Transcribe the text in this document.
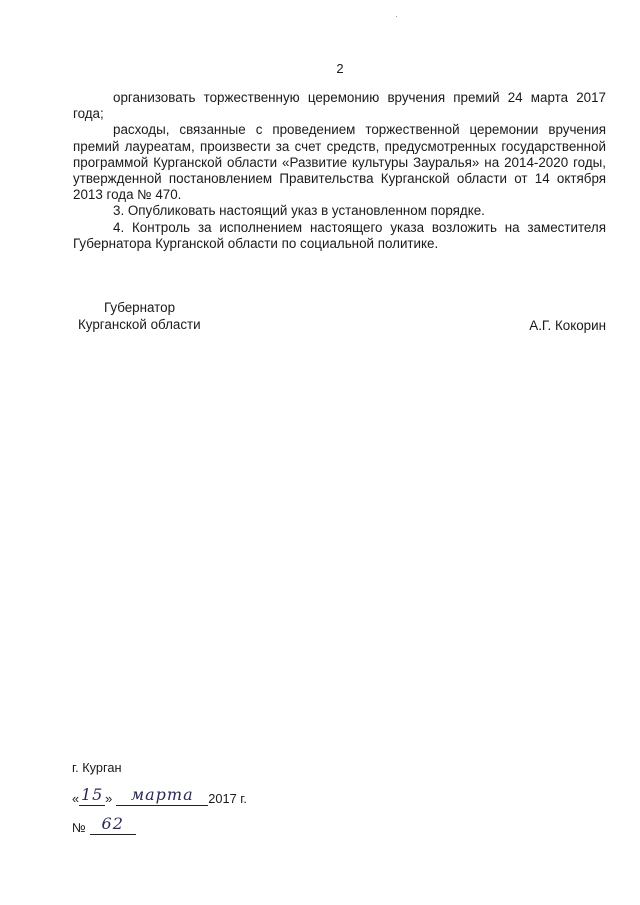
2

организовать торжественную церемонию вручения премий 24 марта 2017 года;

расходы, связанные с проведением торжественной церемонии вручения премий лауреатам, произвести за счет средств, предусмотренных государственной программой Курганской области «Развитие культуры Зауралья» на 2014-2020 годы, утвержденной постановлением Правительства Курганской области от 14 октября 2013 года № 470.

3. Опубликовать настоящий указ в установленном порядке.

4. Контроль за исполнением настоящего указа возложить на заместителя Губернатора Курганской области по социальной политике.

Губернатор
Курганской области	А.Г. Кокорин
г. Курган
« 15 »	марта	2017 г.
№ 62
